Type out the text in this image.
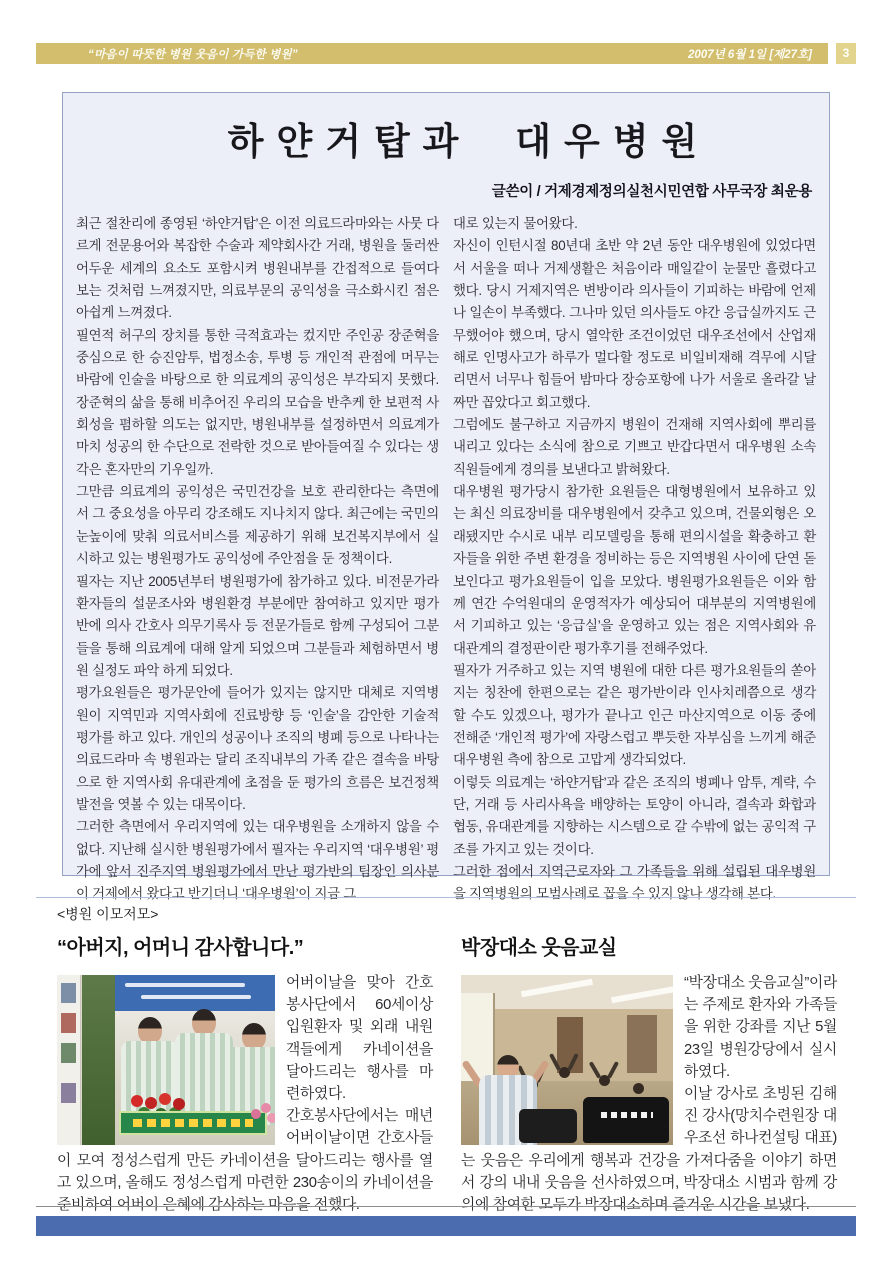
“마음이 따뜻한 병원 웃음이 가득한 병원”	2007년 6월 1일 [제27호]	3
하얀거탑과 대우병원
글쓴이 / 거제경제정의실천시민연합 사무국장 최운용

최근 절찬리에 종영된 ‘하얀거탑’은 이전 의료드라마와는 사뭇 다르게 전문용어와 복잡한 수술과 제약회사간 거래, 병원을 둘러싼 어두운 세계의 요소도 포함시켜 병원내부를 간접적으로 들여다보는 것처럼 느껴졌지만, 의료부문의 공익성을 극소화시킨 점은 아쉽게 느껴졌다.

필연적 허구의 장치를 통한 극적효과는 컸지만 주인공 장준혁을 중심으로 한 승진암투, 법정소송, 투병 등 개인적 관점에 머무는 바람에 인술을 바탕으로 한 의료계의 공익성은 부각되지 못했다. 장준혁의 삶을 통해 비추어진 우리의 모습을 반추케 한 보편적 사회성을 폄하할 의도는 없지만, 병원내부를 설정하면서 의료계가 마치 성공의 한 수단으로 전락한 것으로 받아들여질 수 있다는 생각은 혼자만의 기우일까.

그만큼 의료계의 공익성은 국민건강을 보호 관리한다는 측면에서 그 중요성을 아무리 강조해도 지나치지 않다. 최근에는 국민의 눈높이에 맞춰 의료서비스를 제공하기 위해 보건복지부에서 실시하고 있는 병원평가도 공익성에 주안점을 둔 정책이다.

필자는 지난 2005년부터 병원평가에 참가하고 있다. 비전문가라 환자들의 설문조사와 병원환경 부분에만 참여하고 있지만 평가 반에 의사 간호사 의무기록사 등 전문가들로 함께 구성되어 그분들을 통해 의료계에 대해 알게 되었으며 그분들과 체험하면서 병원 실정도 파악 하게 되었다.

평가요원들은 평가문안에 들어가 있지는 않지만 대체로 지역병원이 지역민과 지역사회에 진료방향 등 ‘인술’을 감안한 기술적 평가를 하고 있다. 개인의 성공이나 조직의 병폐 등으로 나타나는 의료드라마 속 병원과는 달리 조직내부의 가족 같은 결속을 바탕으로 한 지역사회 유대관계에 초점을 둔 평가의 흐름은 보건정책 발전을 엿볼 수 있는 대목이다.

그러한 측면에서 우리지역에 있는 대우병원을 소개하지 않을 수 없다. 지난해 실시한 병원평가에서 필자는 우리지역 ‘대우병원’ 평가에 앞서 진주지역 병원평가에서 만난 평가반의 팀장인 의사분이 거제에서 왔다고 반기더니 ‘대우병원’이 지금 그

대로 있는지 물어왔다.

자신이 인턴시절 80년대 초반 약 2년 동안 대우병원에 있었다면서 서울을 떠나 거제생활은 처음이라 매일같이 눈물만 흘렸다고 했다. 당시 거제지역은 변방이라 의사들이 기피하는 바람에 언제나 일손이 부족했다. 그나마 있던 의사들도 야간 응급실까지도 근무했어야 했으며, 당시 열악한 조건이었던 대우조선에서 산업재해로 인명사고가 하루가 멀다할 정도로 비일비재해 격무에 시달리면서 너무나 힘들어 밤마다 장승포항에 나가 서울로 올라갈 날짜만 꼽았다고 회고했다.

그럼에도 불구하고 지금까지 병원이 건재해 지역사회에 뿌리를 내리고 있다는 소식에 참으로 기쁘고 반갑다면서 대우병원 소속 직원들에게 경의를 보낸다고 밝혀왔다.

대우병원 평가당시 참가한 요원들은 대형병원에서 보유하고 있는 최신 의료장비를 대우병원에서 갖추고 있으며, 건물외형은 오래됐지만 수시로 내부 리모델링을 통해 편의시설을 확충하고 환자들을 위한 주변 환경을 정비하는 등은 지역병원 사이에 단연 돋보인다고 평가요원들이 입을 모았다. 병원평가요원들은 이와 함께 연간 수억원대의 운영적자가 예상되어 대부분의 지역병원에서 기피하고 있는 ‘응급실’을 운영하고 있는 점은 지역사회와 유대관계의 결정판이란 평가후기를 전해주었다.

필자가 거주하고 있는 지역 병원에 대한 다른 평가요원들의 쏟아지는 칭찬에 한편으로는 같은 평가반이라 인사치레쯤으로 생각할 수도 있겠으나, 평가가 끝나고 인근 마산지역으로 이동 중에 전해준 ‘개인적 평가’에 자랑스럽고 뿌듯한 자부심을 느끼게 해준 대우병원 측에 참으로 고맙게 생각되었다.

이렇듯 의료계는 ‘하얀거탑’과 같은 조직의 병폐나 암투, 계략, 수단, 거래 등 사리사욕을 배양하는 토양이 아니라, 결속과 화합과 협동, 유대관계를 지향하는 시스템으로 갈 수밖에 없는 공익적 구조를 가지고 있는 것이다.

그러한 점에서 지역근로자와 그 가족들을 위해 설립된 대우병원을 지역병원의 모범사례로 꼽을 수 있지 않나 생각해 본다.

<병원 이모저모>
“아버지, 어머니 감사합니다.”

어버이날을 맞아 간호봉사단에서 60세이상 입원환자 및 외래 내원객들에게 카네이션을 달아드리는 행사를 마련하였다.

간호봉사단에서는 매년 어버이날이면 간호사들이 모여 정성스럽게 만든 카네이션을 달아드리는 행사를 열고 있으며, 올해도 정성스럽게 마련한 230송이의 카네이션을 준비하여 어버이 은혜에 감사하는 마음을 전했다.

박장대소 웃음교실

“박장대소 웃음교실”이라는 주제로 환자와 가족들을 위한 강좌를 지난 5월 23일 병원강당에서 실시하였다.

이날 강사로 초빙된 김해진 강사(망치수련원장 대우조선 하나컨설팅 대표)는 웃음은 우리에게 행복과 건강을 가져다줌을 이야기 하면서 강의 내내 웃음을 선사하였으며, 박장대소 시범과 함께 강의에 참여한 모두가 박장대소하며 즐거운 시간을 보냈다.
